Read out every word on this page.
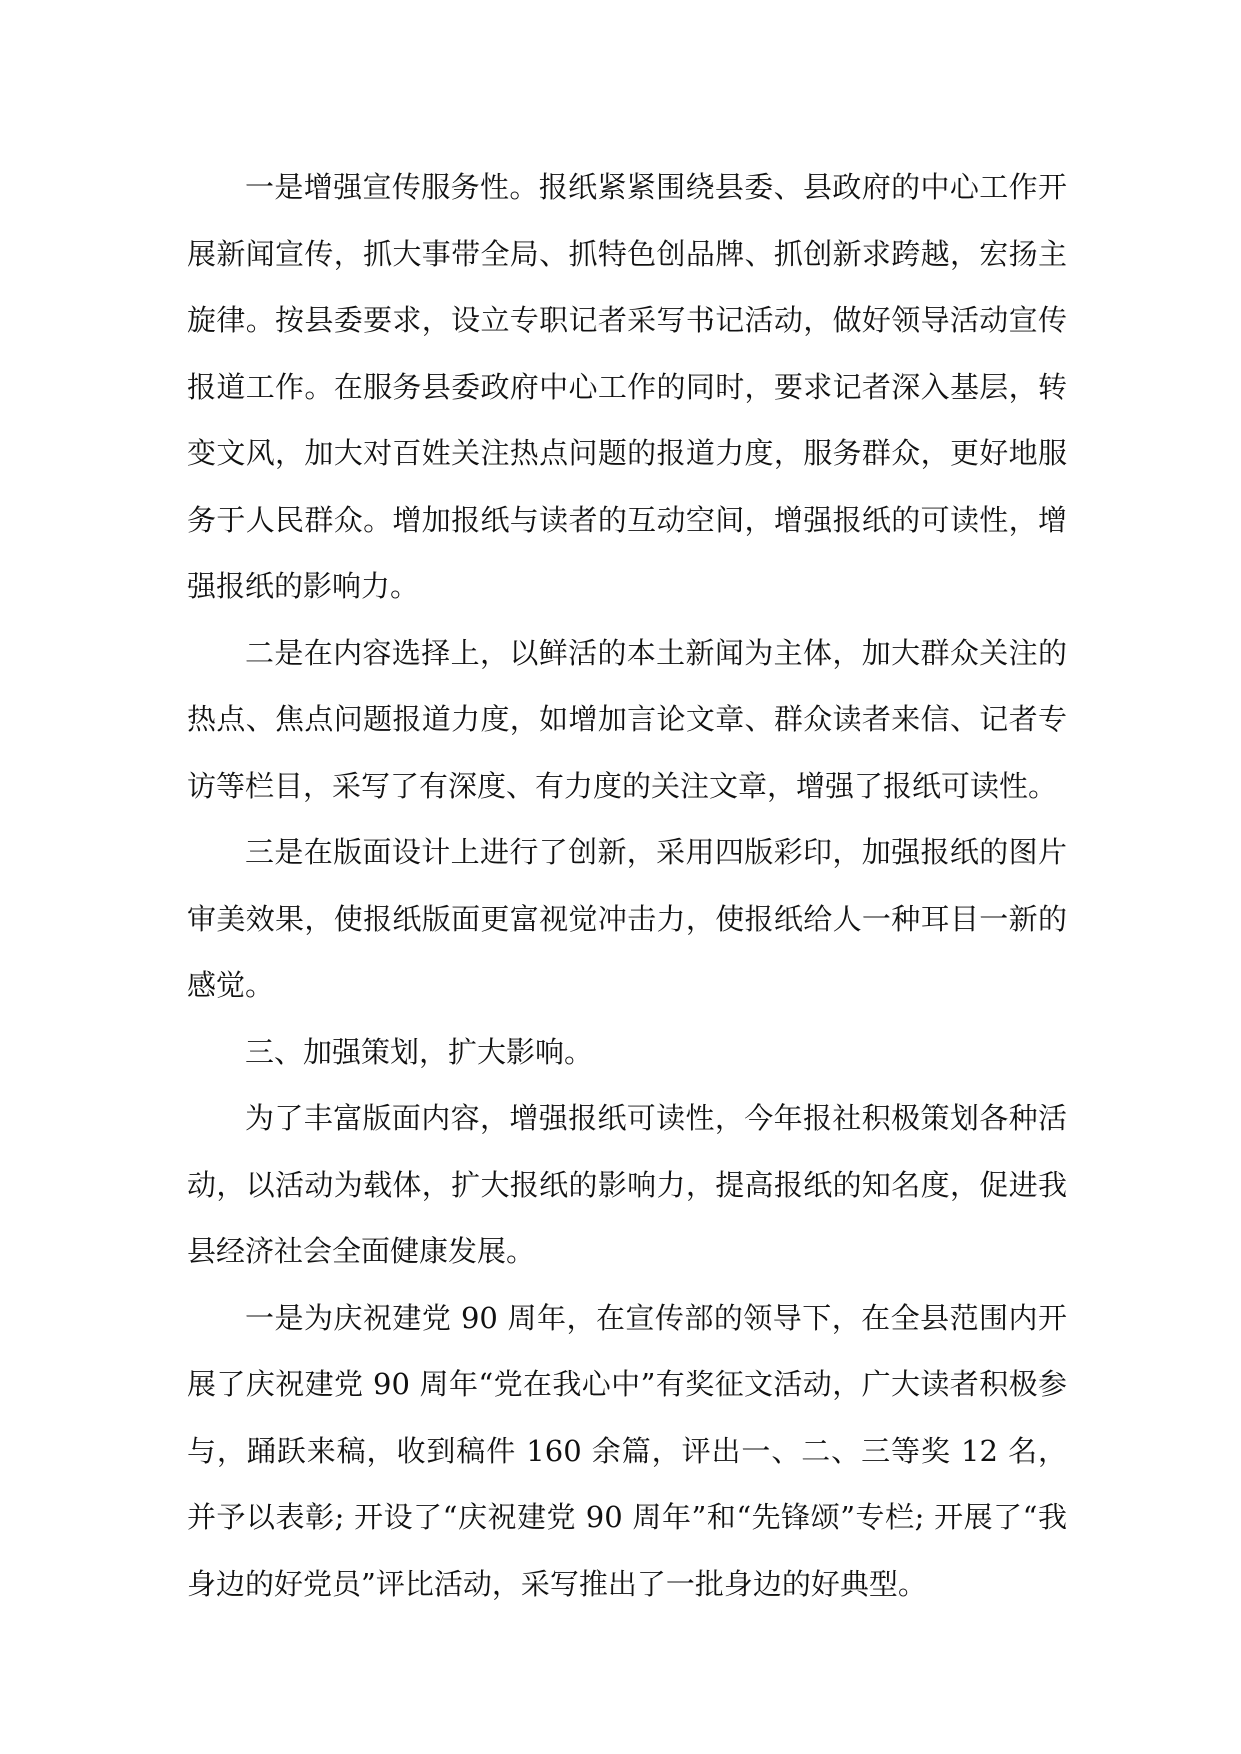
一是增强宣传服务性。报纸紧紧围绕县委、县政府的中心工作开展新闻宣传，抓大事带全局、抓特色创品牌、抓创新求跨越，宏扬主旋律。按县委要求，设立专职记者采写书记活动，做好领导活动宣传报道工作。在服务县委政府中心工作的同时，要求记者深入基层，转变文风，加大对百姓关注热点问题的报道力度，服务群众，更好地服务于人民群众。增加报纸与读者的互动空间，增强报纸的可读性，增强报纸的影响力。

二是在内容选择上，以鲜活的本土新闻为主体，加大群众关注的热点、焦点问题报道力度，如增加言论文章、群众读者来信、记者专访等栏目，采写了有深度、有力度的关注文章，增强了报纸可读性。

三是在版面设计上进行了创新，采用四版彩印，加强报纸的图片审美效果，使报纸版面更富视觉冲击力，使报纸给人一种耳目一新的感觉。

三、加强策划，扩大影响。

为了丰富版面内容，增强报纸可读性，今年报社积极策划各种活动，以活动为载体，扩大报纸的影响力，提高报纸的知名度，促进我县经济社会全面健康发展。

一是为庆祝建党 90 周年，在宣传部的领导下，在全县范围内开展了庆祝建党 90 周年“党在我心中”有奖征文活动，广大读者积极参与，踊跃来稿，收到稿件 160 余篇，评出一、二、三等奖 12 名，并予以表彰; 开设了“庆祝建党 90 周年”和“先锋颂”专栏; 开展了“我身边的好党员”评比活动，采写推出了一批身边的好典型。
